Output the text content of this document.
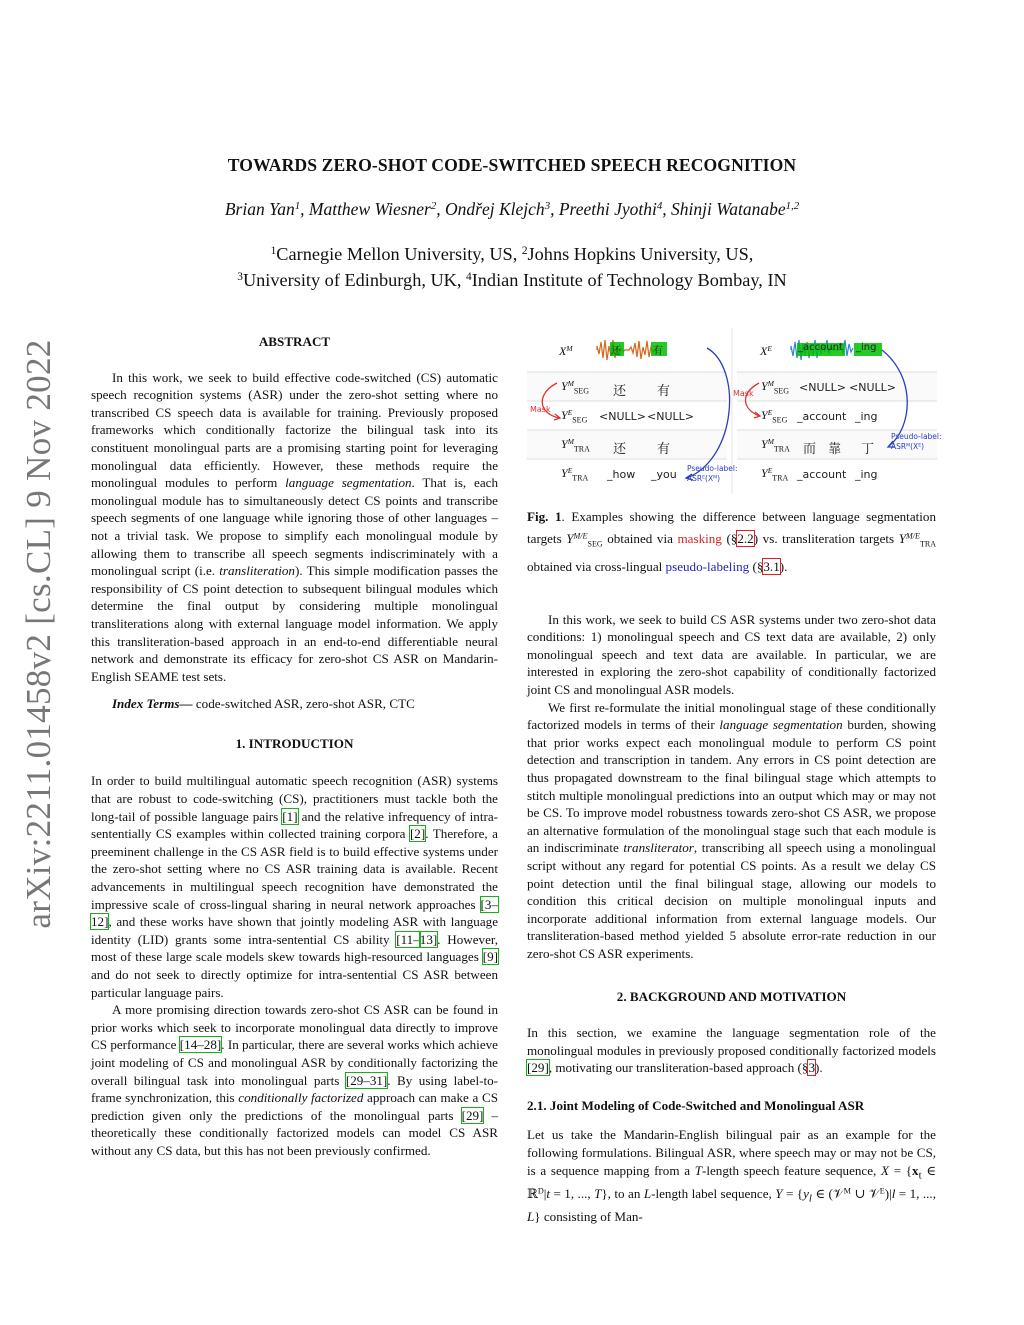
arXiv:2211.01458v2 [cs.CL] 9 Nov 2022
TOWARDS ZERO-SHOT CODE-SWITCHED SPEECH RECOGNITION
Brian Yan$^1$, Matthew Wiesner$^2$, Ondřej Klejch$^3$, Preethi Jyothi$^4$, Shinji Watanabe$^{1,2}$
$^1$Carnegie Mellon University, US, $^2$Johns Hopkins University, US,
$^3$University of Edinburgh, UK, $^4$Indian Institute of Technology Bombay, IN
ABSTRACT

In this work, we seek to build effective code-switched (CS) automatic speech recognition systems (ASR) under the zero-shot setting where no transcribed CS speech data is available for training. Previously proposed frameworks which conditionally factorize the bilingual task into its constituent monolingual parts are a promising starting point for leveraging monolingual data efficiently. However, these methods require the monolingual modules to perform language segmentation. That is, each monolingual module has to simultaneously detect CS points and transcribe speech segments of one language while ignoring those of other languages – not a trivial task. We propose to simplify each monolingual module by allowing them to transcribe all speech segments indiscriminately with a monolingual script (i.e. transliteration). This simple modification passes the responsibility of CS point detection to subsequent bilingual modules which determine the final output by considering multiple monolingual transliterations along with external language model information. We apply this transliteration-based approach in an end-to-end differentiable neural network and demonstrate its efficacy for zero-shot CS ASR on Mandarin-English SEAME test sets.

Index Terms— code-switched ASR, zero-shot ASR, CTC

1. INTRODUCTION

In order to build multilingual automatic speech recognition (ASR) systems that are robust to code-switching (CS), practitioners must tackle both the long-tail of possible language pairs [1] and the relative infrequency of intra-sententially CS examples within collected training corpora [2]. Therefore, a preeminent challenge in the CS ASR field is to build effective systems under the zero-shot setting where no CS ASR training data is available. Recent advancements in multilingual speech recognition have demonstrated the impressive scale of cross-lingual sharing in neural network approaches [3–12], and these works have shown that jointly modeling ASR with language identity (LID) grants some intra-sentential CS ability [11–13]. However, most of these large scale models skew towards high-resourced languages [9] and do not seek to directly optimize for intra-sentential CS ASR between particular language pairs.

A more promising direction towards zero-shot CS ASR can be found in prior works which seek to incorporate monolingual data directly to improve CS performance [14–28]. In particular, there are several works which achieve joint modeling of CS and monolingual ASR by conditionally factorizing the overall bilingual task into monolingual parts [29–31]. By using label-to-frame synchronization, this conditionally factorized approach can make a CS prediction given only the predictions of the monolingual parts [29] – theoretically these conditionally factorized models can model CS ASR without any CS data, but this has not been previously confirmed.

$X^M$	$X^E$
还	有	_account _ing
$Y^M_{SEG}$ 还 有
$Y^E_{SEG}$ <NULL> <NULL>
$Y^M_{TRA}$ 还 有
$Y^E_{TRA}$ _how _you
$Y^M_{SEG}$ <NULL> <NULL>
$Y^E_{SEG}$ _account _ing
$Y^M_{TRA}$ 而 靠 丁
$Y^E_{TRA}$ _account _ing
Mask
Mask
Pseudo-label:
$ASR^E(X^M)$
Pseudo-label:
$ASR^M(X^E)$

Fig. 1. Examples showing the difference between language segmentation targets $Y^{M/E}_{SEG}$ obtained via masking (§2.2) vs. transliteration targets $Y^{M/E}_{TRA}$ obtained via cross-lingual pseudo-labeling (§3.1).

In this work, we seek to build CS ASR systems under two zero-shot data conditions: 1) monolingual speech and CS text data are available, 2) only monolingual speech and text data are available. In particular, we are interested in exploring the zero-shot capability of conditionally factorized joint CS and monolingual ASR models.

We first re-formulate the initial monolingual stage of these conditionally factorized models in terms of their language segmentation burden, showing that prior works expect each monolingual module to perform CS point detection and transcription in tandem. Any errors in CS point detection are thus propagated downstream to the final bilingual stage which attempts to stitch multiple monolingual predictions into an output which may or may not be CS. To improve model robustness towards zero-shot CS ASR, we propose an alternative formulation of the monolingual stage such that each module is an indiscriminate transliterator, transcribing all speech using a monolingual script without any regard for potential CS points. As a result we delay CS point detection until the final bilingual stage, allowing our models to condition this critical decision on multiple monolingual inputs and incorporate additional information from external language models. Our transliteration-based method yielded 5 absolute error-rate reduction in our zero-shot CS ASR experiments.

2. BACKGROUND AND MOTIVATION

In this section, we examine the language segmentation role of the monolingual modules in previously proposed conditionally factorized models [29], motivating our transliteration-based approach (§3).

2.1. Joint Modeling of Code-Switched and Monolingual ASR

Let us take the Mandarin-English bilingual pair as an example for the following formulations. Bilingual ASR, where speech may or may not be CS, is a sequence mapping from a T-length speech feature sequence, $X = \{x_t$ ∈ ℝ$^D$|t = 1, ..., T}, to an L-length label sequence, $Y = \{y_l$ ∈ (𝒱$^M$ ∪ 𝒱$^E$)|l = 1, ..., L} consisting of Man-
